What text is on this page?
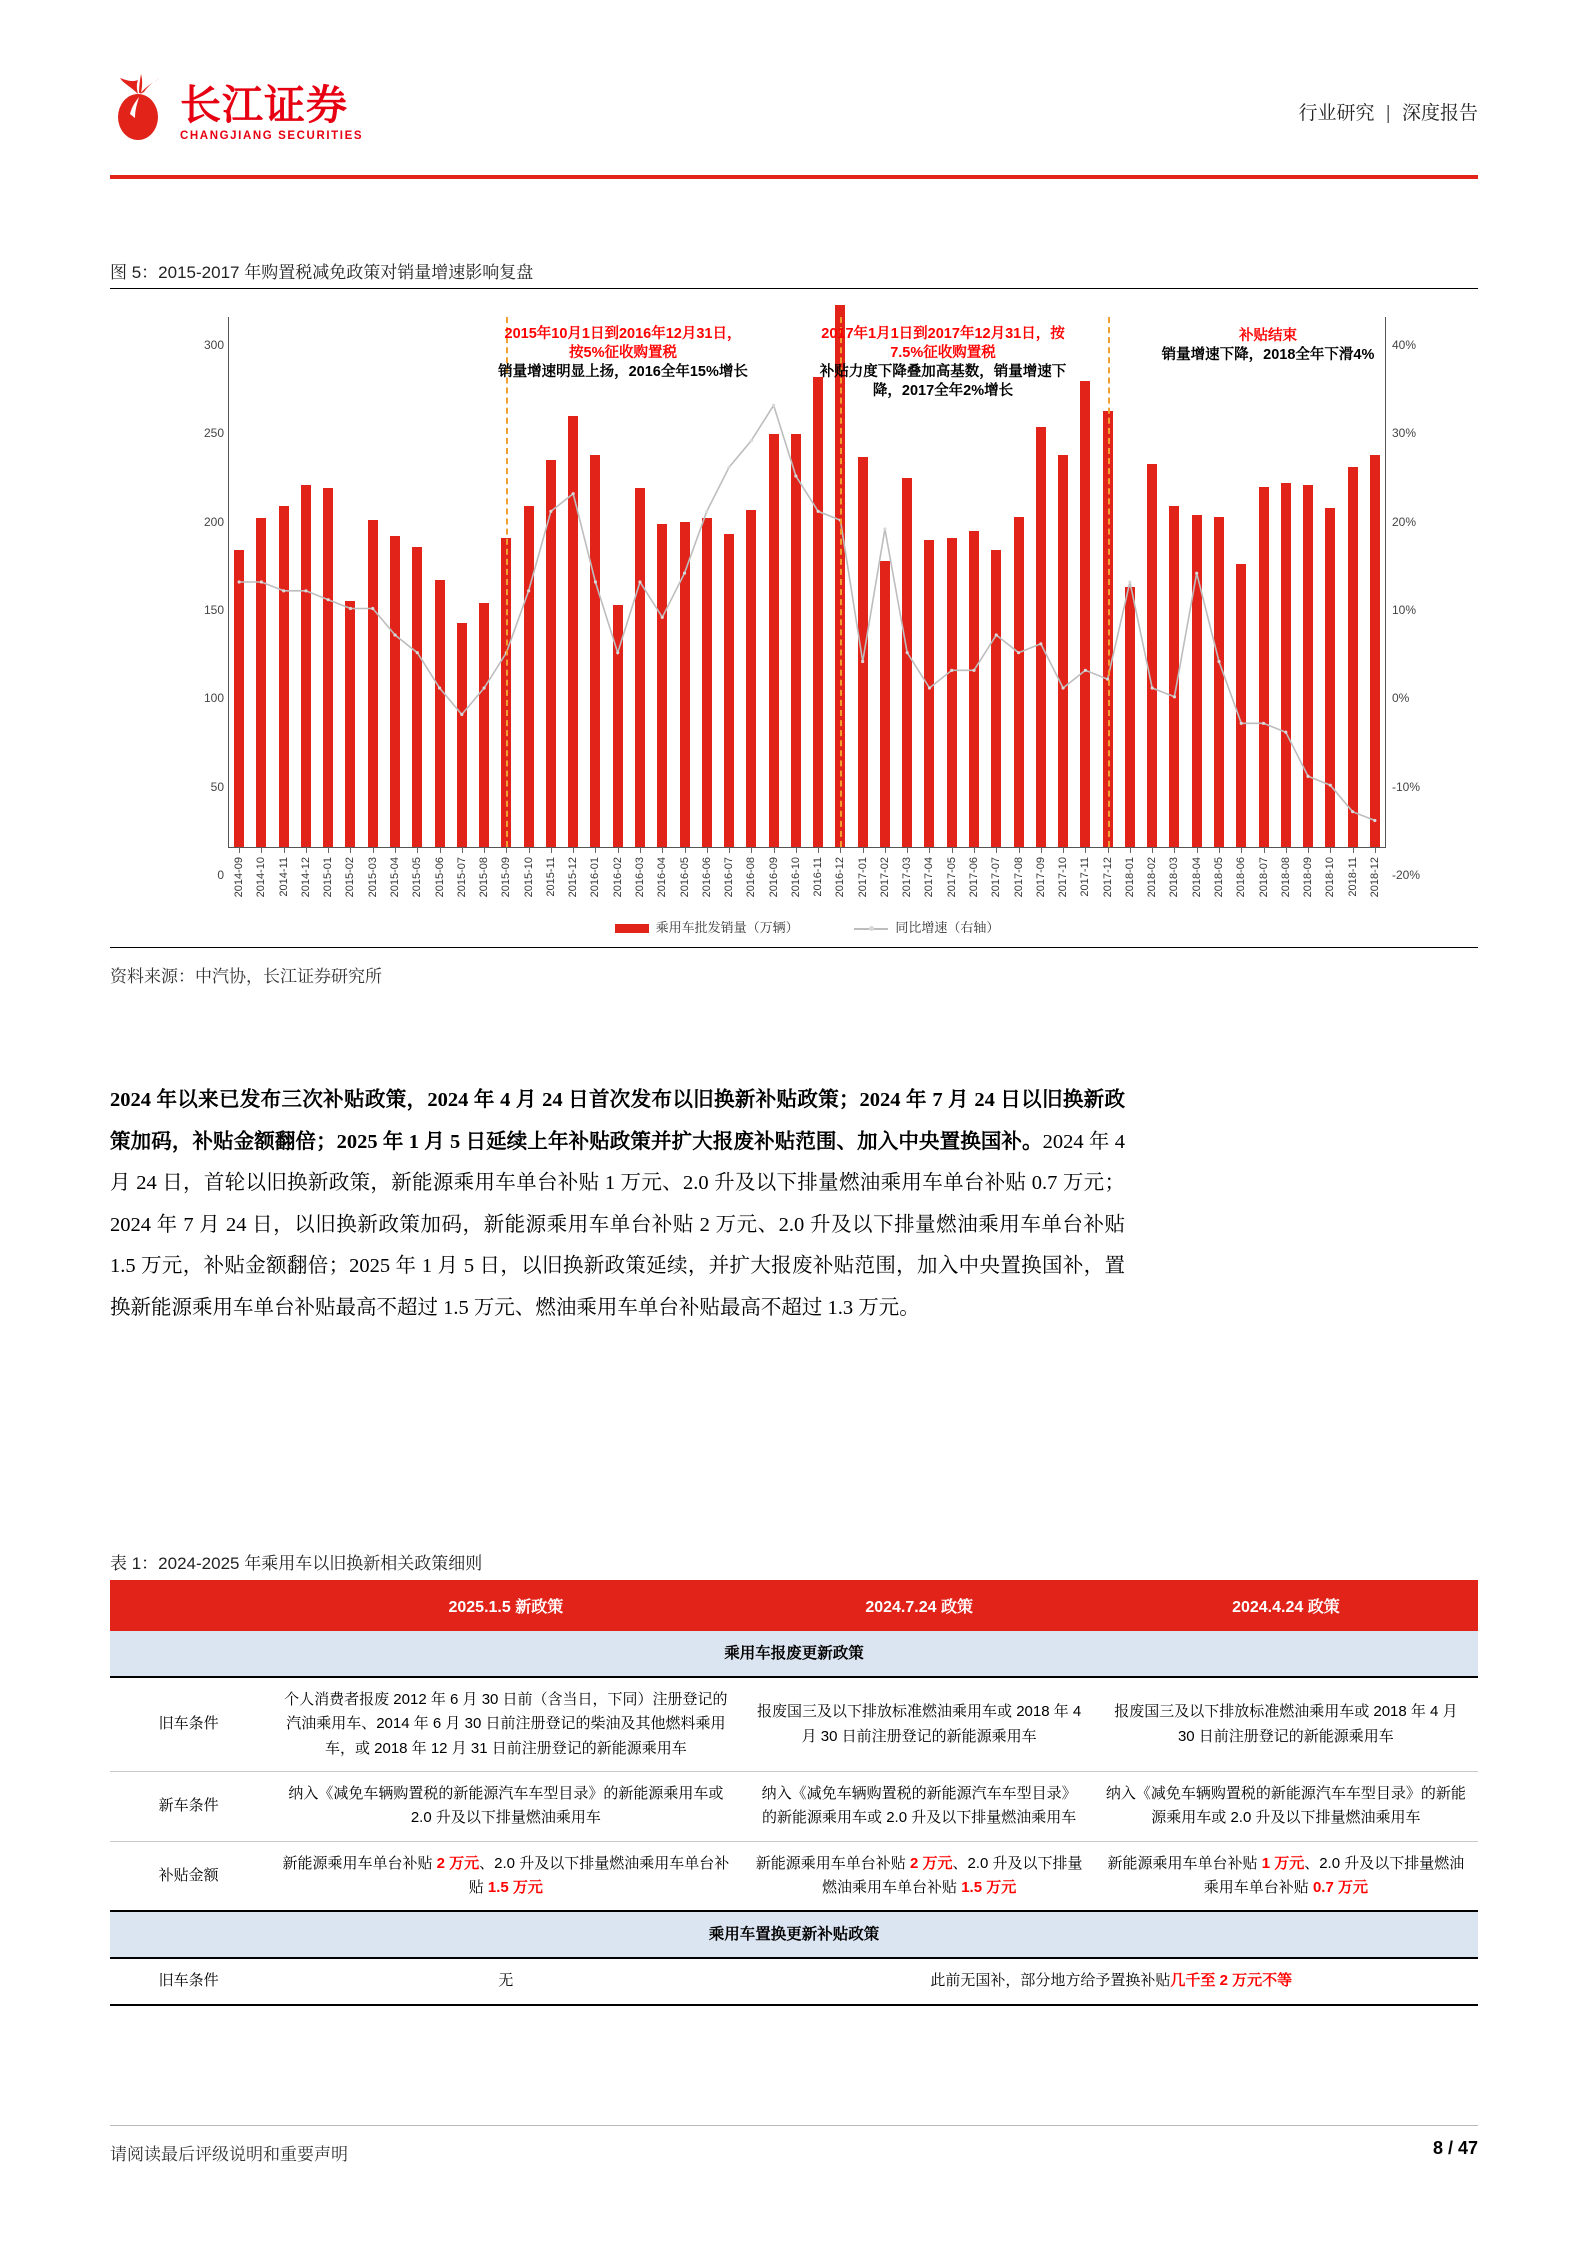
长江证券
CHANGJIANG SECURITIES
行业研究 | 深度报告
图 5：2015-2017 年购置税减免政策对销量增速影响复盘
0
50
100
150
200
250
300
-20%
-10%
0%
10%
20%
30%
40%
2014-09 2014-10 2014-11 2014-12 2015-01 2015-02 2015-03 2015-04 2015-05 2015-06 2015-07 2015-08 2015-09 2015-10 2015-11 2015-12 2016-01 2016-02 2016-03 2016-04 2016-05 2016-06 2016-07 2016-08 2016-09 2016-10 2016-11 2016-12 2017-01 2017-02 2017-03 2017-04 2017-05 2017-06 2017-07 2017-08 2017-09 2017-10 2017-11 2017-12 2018-01 2018-02 2018-03 2018-04 2018-05 2018-06 2018-07 2018-08 2018-09 2018-10 2018-11 2018-12
2015年10月1日到2016年12月31日，按5%征收购置税
销量增速明显上扬，2016全年15%增长
2017年1月1日到2017年12月31日，按7.5%征收购置税
补贴力度下降叠加高基数，销量增速下降，2017全年2%增长
补贴结束
销量增速下降，2018全年下滑4%
乘用车批发销量（万辆）	同比增速（右轴）
资料来源：中汽协，长江证券研究所
2024 年以来已发布三次补贴政策，2024 年 4 月 24 日首次发布以旧换新补贴政策；2024 年 7 月 24 日以旧换新政策加码，补贴金额翻倍；2025 年 1 月 5 日延续上年补贴政策并扩大报废补贴范围、加入中央置换国补。2024 年 4 月 24 日，首轮以旧换新政策，新能源乘用车单台补贴 1 万元、2.0 升及以下排量燃油乘用车单台补贴 0.7 万元；2024 年 7 月 24 日，以旧换新政策加码，新能源乘用车单台补贴 2 万元、2.0 升及以下排量燃油乘用车单台补贴 1.5 万元，补贴金额翻倍；2025 年 1 月 5 日，以旧换新政策延续，并扩大报废补贴范围，加入中央置换国补，置换新能源乘用车单台补贴最高不超过 1.5 万元、燃油乘用车单台补贴最高不超过 1.3 万元。
表 1：2024-2025 年乘用车以旧换新相关政策细则
	2025.1.5 新政策	2024.7.24 政策	2024.4.24 政策
乘用车报废更新政策			
旧车条件	个人消费者报废 2012 年 6 月 30 日前（含当日，下同）注册登记的汽油乘用车、2014 年 6 月 30 日前注册登记的柴油及其他燃料乘用车，或 2018 年 12 月 31 日前注册登记的新能源乘用车	报废国三及以下排放标准燃油乘用车或 2018 年 4 月 30 日前注册登记的新能源乘用车	报废国三及以下排放标准燃油乘用车或 2018 年 4 月 30 日前注册登记的新能源乘用车
新车条件	纳入《减免车辆购置税的新能源汽车车型目录》的新能源乘用车或 2.0 升及以下排量燃油乘用车	纳入《减免车辆购置税的新能源汽车车型目录》的新能源乘用车或 2.0 升及以下排量燃油乘用车	纳入《减免车辆购置税的新能源汽车车型目录》的新能源乘用车或 2.0 升及以下排量燃油乘用车
补贴金额	新能源乘用车单台补贴 2 万元、2.0 升及以下排量燃油乘用车单台补贴 1.5 万元	新能源乘用车单台补贴 2 万元、2.0 升及以下排量燃油乘用车单台补贴 1.5 万元	新能源乘用车单台补贴 1 万元、2.0 升及以下排量燃油乘用车单台补贴 0.7 万元
乘用车置换更新补贴政策			
旧车条件	无	此前无国补，部分地方给予置换补贴几千至 2 万元不等	
请阅读最后评级说明和重要声明	8 / 47
